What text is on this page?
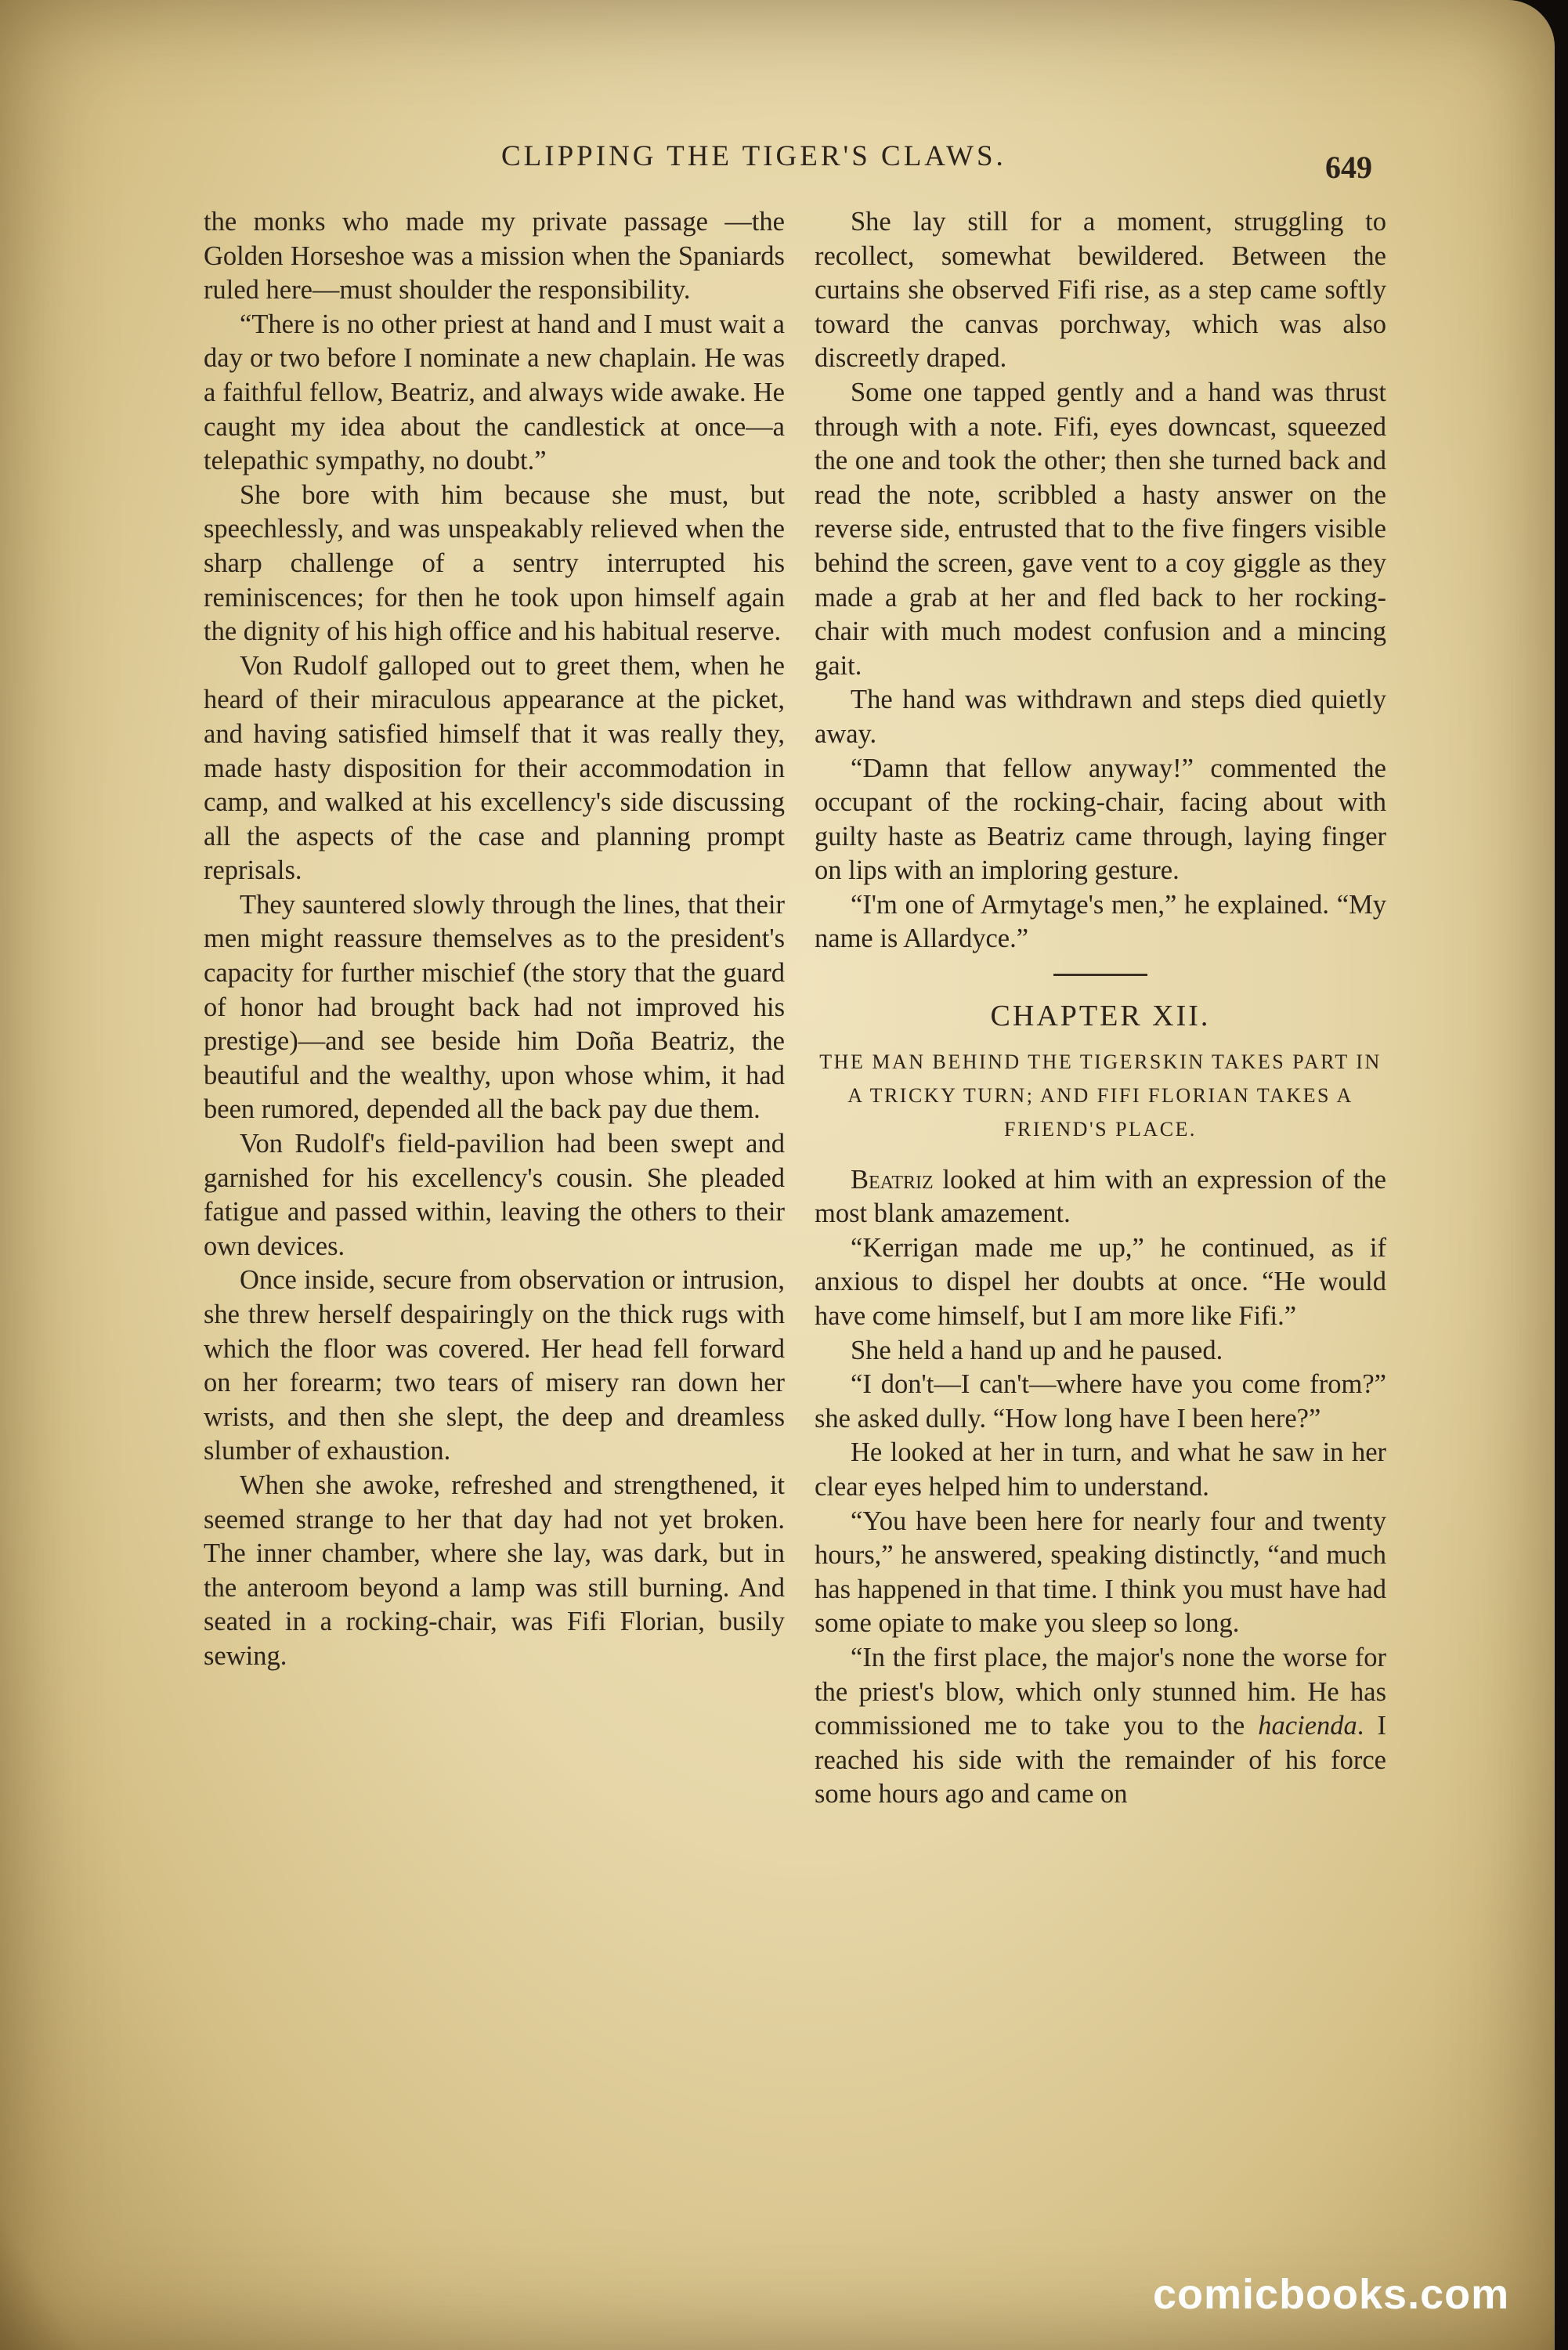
CLIPPING THE TIGER'S CLAWS.	649

the monks who made my private passage —the Golden Horseshoe was a mission when the Spaniards ruled here—must shoulder the responsibility.

“There is no other priest at hand and I must wait a day or two before I nominate a new chaplain. He was a faithful fellow, Beatriz, and always wide awake. He caught my idea about the candlestick at once—a telepathic sympathy, no doubt.”

She bore with him because she must, but speechlessly, and was unspeakably relieved when the sharp challenge of a sentry interrupted his reminiscences; for then he took upon himself again the dignity of his high office and his habitual reserve.

Von Rudolf galloped out to greet them, when he heard of their miraculous appearance at the picket, and having satisfied himself that it was really they, made hasty disposition for their accommodation in camp, and walked at his excellency's side discussing all the aspects of the case and planning prompt reprisals.

They sauntered slowly through the lines, that their men might reassure themselves as to the president's capacity for further mischief (the story that the guard of honor had brought back had not improved his prestige)—and see beside him Doña Beatriz, the beautiful and the wealthy, upon whose whim, it had been rumored, depended all the back pay due them.

Von Rudolf's field-pavilion had been swept and garnished for his excellency's cousin. She pleaded fatigue and passed within, leaving the others to their own devices.

Once inside, secure from observation or intrusion, she threw herself despairingly on the thick rugs with which the floor was covered. Her head fell forward on her forearm; two tears of misery ran down her wrists, and then she slept, the deep and dreamless slumber of exhaustion.

When she awoke, refreshed and strengthened, it seemed strange to her that day had not yet broken. The inner chamber, where she lay, was dark, but in the anteroom beyond a lamp was still burning. And seated in a rocking-chair, was Fifi Florian, busily sewing.

She lay still for a moment, struggling to recollect, somewhat bewildered. Between the curtains she observed Fifi rise, as a step came softly toward the canvas porchway, which was also discreetly draped.

Some one tapped gently and a hand was thrust through with a note. Fifi, eyes downcast, squeezed the one and took the other; then she turned back and read the note, scribbled a hasty answer on the reverse side, entrusted that to the five fingers visible behind the screen, gave vent to a coy giggle as they made a grab at her and fled back to her rocking-chair with much modest confusion and a mincing gait.

The hand was withdrawn and steps died quietly away.

“Damn that fellow anyway!” commented the occupant of the rocking-chair, facing about with guilty haste as Beatriz came through, laying finger on lips with an imploring gesture.

“I'm one of Armytage's men,” he explained. “My name is Allardyce.”

CHAPTER XII.
THE MAN BEHIND THE TIGERSKIN TAKES PART IN A TRICKY TURN; AND FIFI FLORIAN TAKES A FRIEND'S PLACE.

Beatriz looked at him with an expression of the most blank amazement.

“Kerrigan made me up,” he continued, as if anxious to dispel her doubts at once. “He would have come himself, but I am more like Fifi.”

She held a hand up and he paused.

“I don't—I can't—where have you come from?” she asked dully. “How long have I been here?”

He looked at her in turn, and what he saw in her clear eyes helped him to understand.

“You have been here for nearly four and twenty hours,” he answered, speaking distinctly, “and much has happened in that time. I think you must have had some opiate to make you sleep so long.

“In the first place, the major's none the worse for the priest's blow, which only stunned him. He has commissioned me to take you to the hacienda. I reached his side with the remainder of his force some hours ago and came on

comicbooks.com
